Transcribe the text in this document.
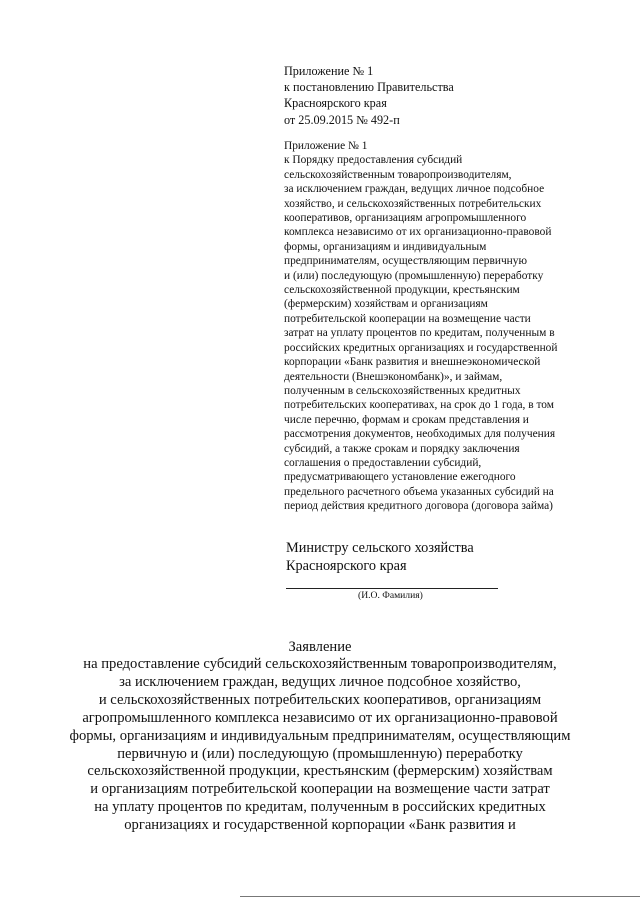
Приложение № 1
к постановлению Правительства
Красноярского края
от 25.09.2015 № 492-п
Приложение № 1
к Порядку предоставления субсидий
сельскохозяйственным товаропроизводителям,
за исключением граждан, ведущих личное подсобное
хозяйство, и сельскохозяйственных потребительских
кооперативов, организациям агропромышленного
комплекса независимо от их организационно-правовой
формы, организациям и индивидуальным
предпринимателям, осуществляющим первичную
и (или) последующую (промышленную) переработку
сельскохозяйственной продукции, крестьянским
(фермерским) хозяйствам и организациям
потребительской кооперации на возмещение части
затрат на уплату процентов по кредитам, полученным в
российских кредитных организациях и государственной
корпорации «Банк развития и внешнеэкономической
деятельности (Внешэкономбанк)», и займам,
полученным в сельскохозяйственных кредитных
потребительских кооперативах, на срок до 1 года, в том
числе перечню, формам и срокам представления и
рассмотрения документов, необходимых для получения
субсидий, а также срокам и порядку заключения
соглашения о предоставлении субсидий,
предусматривающего установление ежегодного
предельного расчетного объема указанных субсидий на
период действия кредитного договора (договора займа)
Министру сельского хозяйства
Красноярского края
(И.О. Фамилия)
Заявление
на предоставление субсидий сельскохозяйственным товаропроизводителям,
за исключением граждан, ведущих личное подсобное хозяйство,
и сельскохозяйственных потребительских кооперативов, организациям
агропромышленного комплекса независимо от их организационно-правовой
формы, организациям и индивидуальным предпринимателям, осуществляющим
первичную и (или) последующую (промышленную) переработку
сельскохозяйственной продукции, крестьянским (фермерским) хозяйствам
и организациям потребительской кооперации на возмещение части затрат
на уплату процентов по кредитам, полученным в российских кредитных
организациях и государственной корпорации «Банк развития и
